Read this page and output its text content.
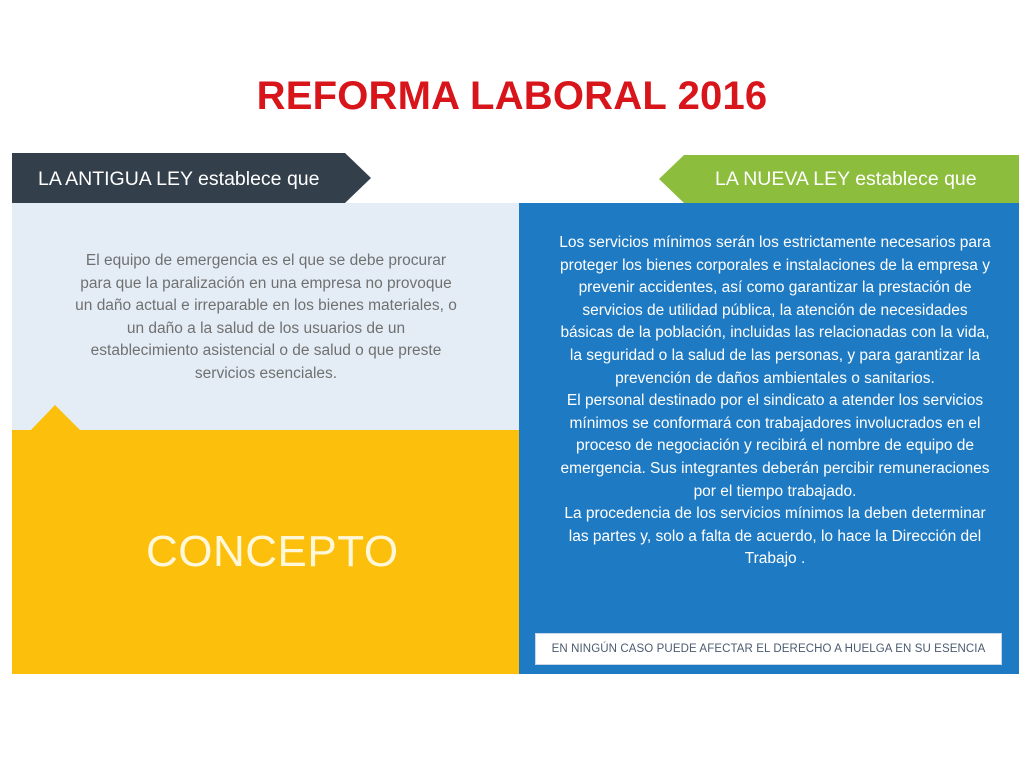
REFORMA LABORAL 2016
LA ANTIGUA LEY establece que	LA NUEVA LEY establece que
El equipo de emergencia es el que se debe procurar para que la paralización en una empresa no provoque un daño actual e irreparable en los bienes materiales, o un daño a la salud de los usuarios de un establecimiento asistencial o de salud o que preste servicios esenciales.
CONCEPTO

Los servicios mínimos serán los estrictamente necesarios para proteger los bienes corporales e instalaciones de la empresa y prevenir accidentes, así como garantizar la prestación de servicios de utilidad pública, la atención de necesidades básicas de la población, incluidas las relacionadas con la vida, la seguridad o la salud de las personas, y para garantizar la prevención de daños ambientales o sanitarios.

El personal destinado por el sindicato a atender los servicios mínimos se conformará con trabajadores involucrados en el proceso de negociación y recibirá el nombre de equipo de emergencia. Sus integrantes deberán percibir remuneraciones por el tiempo trabajado.

La procedencia de los servicios mínimos la deben determinar las partes y, solo a falta de acuerdo, lo hace la Dirección del Trabajo .

EN NINGÚN CASO PUEDE AFECTAR EL DERECHO A HUELGA EN SU ESENCIA
